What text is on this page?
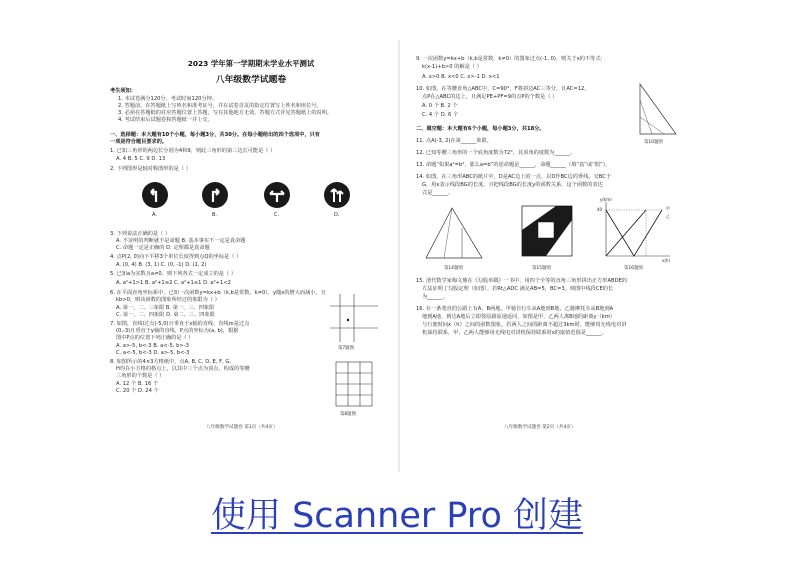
2023 学年第一学期期末学业水平测试
八年级数学试题卷
考生须知：
1. 本试卷满分120分，考试时间120分钟。
2. 答题前，在答题纸上写姓名和准考证号，并在试卷首页的指定位置写上姓名和座位号。
3. 必须在答题纸的对应答题位置上答题，写在其他地方无效。答题方式详见答题纸上的说明。
4. 考试结束后试题卷和答题纸一并上交。
一、选择题：本大题有10个小题，每小题3分，共30分。在每小题给出的四个选项中，只有
一项是符合题目要求的。
1. 已知三角形的两边长分别为4和9，则此三角形的第三边长可能是（ ）
A. 4 B. 5 C. 9 D. 13
2. 下列图形是轴对称图形的是（ ）
A.	B.	C.	D.
3. 下列说法正确的是（ ）
A. 不证明的判断就不是命题 B. 基本事实不一定是真命题
C. 命题一定是正确的 D. 定理都是真命题
4. 点P(2, 0)向下平移3个单位长度得到点Q的坐标是（ ）
A. (0, 4) B. (3, 1) C. (0, -1) D. (1, 2)
5. 已知a为实数且a≠0，则下列各式一定成立的是（ ）
A. a²+1>1 B. a²+1≥2 C. a²+1≤1 D. a²+1<2
6. 在平面直角坐标系中，已知一次函数y=kx+b（k,b是常数，k≠0），y随x的增大而减小，且
kb>0，则该函数的图象所经过的象限为（ ）
A. 第一、二、三象限 B. 第一、三、四象限
C. 第一、二、四象限 D. 第二、三、四象限
7. 如图，直线l过点(-5,0)且垂直于x轴的直线，直线m是过点
(0,-3)且垂直于y轴的直线，P点的坐标为(a, b)，根据
图中P点的位置下列正确的是（ ）
A. a>-5, b<-3 B. a<-5, b>-3
C. a<-5, b<-3 D. a>-5, b<-3
8. 如图所示的4×3方格纸中，点A, B, C, D, E, F, G,
H均在小方格的格点上，以其中三个点为顶点，构成的等腰
三角形的个数是（ ）
A. 12 个 B. 16 个
C. 20 个 D. 24 个
第7题图
第8题图
八年级数学试题卷 第1页（共4页）
9. 一次函数y=kx+b（k,b是常数，k≠0）的图象过点(-1, 0)，则关于x的不等式：
k(x-1)+b>0 的解是（ ）
A. x>0 B. x<0 C. x>-1 D. x<1
10. 如图，在等腰直角△ABC中，C=90°，F将斜边AC三等分，且AC=12，
点P在△ABC的边上，且满足PE+PF=9的点P的个数是（ ）
A. 0 个 B. 2 个
C. 4 个 D. 6 个
第10题图
二、填空题：本大题有6个小题，每小题3分，共18分。
11. 点A(-3, 2)在第______象限。
12. 已知等腰三角形的一个底角度数为72°，其顶角的度数为______。
13. 命题“如果a²=b²，那么a=b”的逆命题是______，命题______（填“真”或“假”）。
14. 如图，在三角形ABC的纸片中，D是AC边上的一点，以D作BC边的垂线，交BC于
G，用x表示线段BG的长度，且把线段BG的长度y的函数关系，这个函数的表达
式是______。
第14题图	第15题图
y(km)
x(h)
40	甲
乙
第16题图
15. 清代数学家梅文鼎在《勾股举隅》一书中，用四个全等的直角三角形拼出正方形ABDE的
方法证明了勾股定理（如图）。若Rt△ADC 满足AB=5，BC=3，则图中线段CE的长
为______。
16. 在一条笔直的公路上有A，B两地，甲骑自行车从A地到B地，乙骑摩托车从B地到A
地到A地，到达A地后立即按原路原速返回，如图是甲、乙两人离B地的距离y（km）
与行驶时间x（h）之间的函数图象。若两人之间的距离不超过3km时，能够用无线电对讲
机保持联系，甲、乙两人能够用无线电对讲机保持联系时x的取值范围是______。
八年级数学试题卷 第2页（共4页）
使用 Scanner Pro 创建
